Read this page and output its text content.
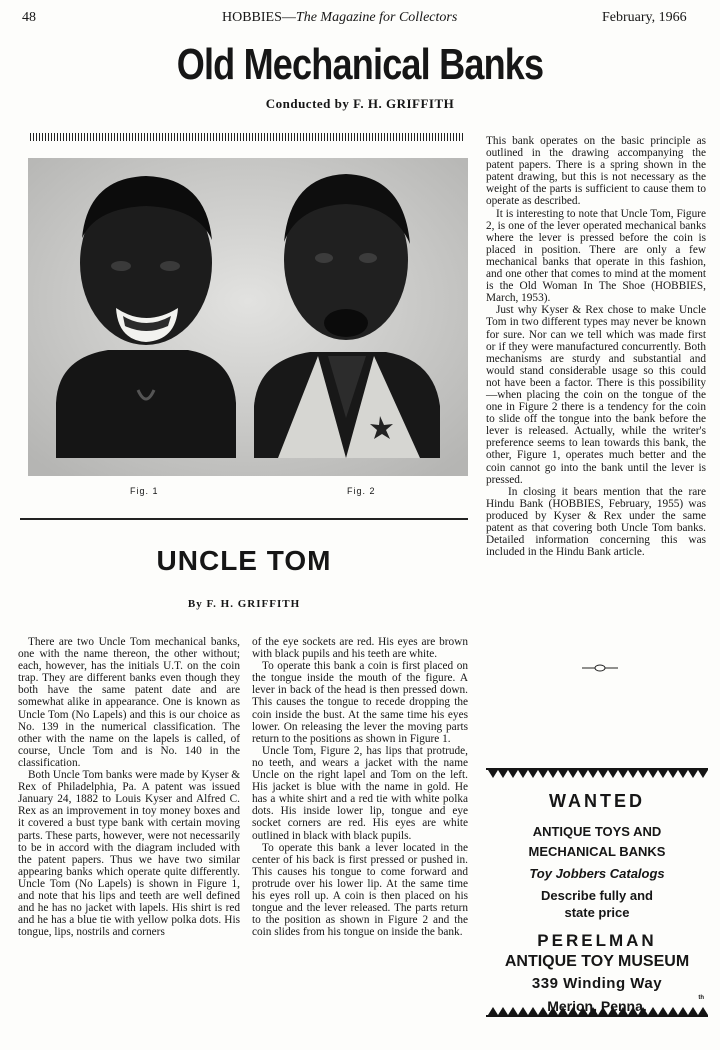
48	HOBBIES—The Magazine for Collectors	February, 1966
Old Mechanical Banks
Conducted by F. H. GRIFFITH
Fig. 1	Fig. 2
UNCLE TOM
By F. H. GRIFFITH

There are two Uncle Tom mechanical banks, one with the name thereon, the other without; each, however, has the initials U.T. on the coin trap. They are different banks even though they both have the same patent date and are somewhat alike in appearance. One is known as Uncle Tom (No Lapels) and this is our choice as No. 139 in the numerical classification. The other with the name on the lapels is called, of course, Uncle Tom and is No. 140 in the classification.

Both Uncle Tom banks were made by Kyser & Rex of Philadelphia, Pa. A patent was issued January 24, 1882 to Louis Kyser and Alfred C. Rex as an improvement in toy money boxes and it covered a bust type bank with certain moving parts. These parts, however, were not necessarily to be in accord with the diagram included with the patent papers. Thus we have two similar appearing banks which operate quite differently. Uncle Tom (No Lapels) is shown in Figure 1, and note that his lips and teeth are well defined and he has no jacket with lapels. His shirt is red and he has a blue tie with yellow polka dots. His tongue, lips, nostrils and corners

of the eye sockets are red. His eyes are brown with black pupils and his teeth are white.

To operate this bank a coin is first placed on the tongue inside the mouth of the figure. A lever in back of the head is then pressed down. This causes the tongue to recede dropping the coin inside the bust. At the same time his eyes lower. On releasing the lever the moving parts return to the positions as shown in Figure 1.

Uncle Tom, Figure 2, has lips that protrude, no teeth, and wears a jacket with the name Uncle on the right lapel and Tom on the left. His jacket is blue with the name in gold. He has a white shirt and a red tie with white polka dots. His inside lower lip, tongue and eye socket corners are red. His eyes are white outlined in black with black pupils.

To operate this bank a lever located in the center of his back is first pressed or pushed in. This causes his tongue to come forward and protrude over his lower lip. At the same time his eyes roll up. A coin is then placed on his tongue and the lever released. The parts return to the position as shown in Figure 2 and the coin slides from his tongue on inside the bank.

This bank operates on the basic principle as outlined in the drawing accompanying the patent papers. There is a spring shown in the patent drawing, but this is not necessary as the weight of the parts is sufficient to cause them to operate as described.

It is interesting to note that Uncle Tom, Figure 2, is one of the lever operated mechanical banks where the lever is pressed before the coin is placed in position. There are only a few mechanical banks that operate in this fashion, and one other that comes to mind at the moment is the Old Woman In The Shoe (HOBBIES, March, 1953).

Just why Kyser & Rex chose to make Uncle Tom in two different types may never be known for sure. Nor can we tell which was made first or if they were manufactured concurrently. Both mechanisms are sturdy and substantial and would stand considerable usage so this could not have been a factor. There is this possibility—when placing the coin on the tongue of the one in Figure 2 there is a tendency for the coin to slide off the tongue into the bank before the lever is released. Actually, while the writer's preference seems to lean towards this bank, the other, Figure 1, operates much better and the coin cannot go into the bank until the lever is pressed.

In closing it bears mention that the rare Hindu Bank (HOBBIES, February, 1955) was produced by Kyser & Rex under the same patent as that covering both Uncle Tom banks. Detailed information concerning this was included in the Hindu Bank article.

WANTED
ANTIQUE TOYS AND
MECHANICAL BANKS
Toy Jobbers Catalogs
Describe fully and
state price
PERELMAN
ANTIQUE TOY MUSEUM
339 Winding Way
Merion, Penna.	th
